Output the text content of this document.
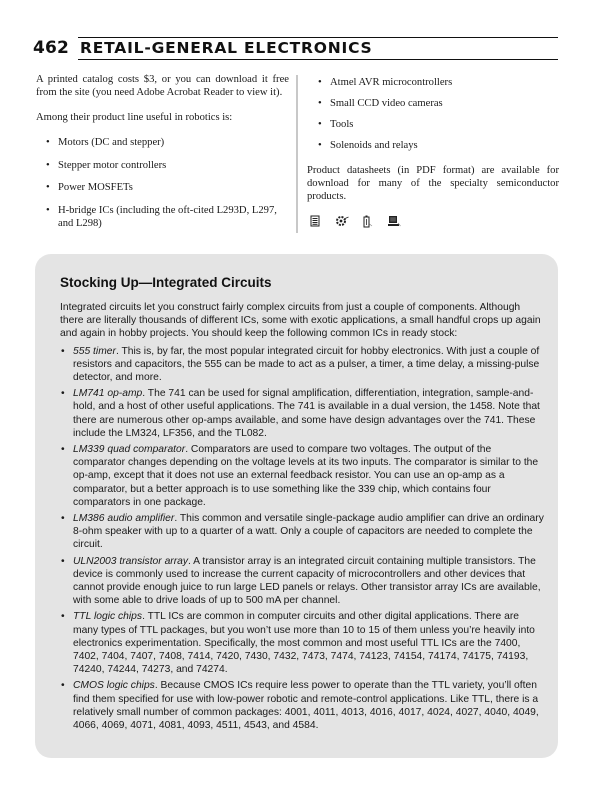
462 RETAIL-GENERAL ELECTRONICS

A printed catalog costs $3, or you can download it free from the site (you need Adobe Acrobat Reader to view it).

Among their product line useful in robotics is:

• Motors (DC and stepper)
• Stepper motor controllers
• Power MOSFETs
• H-bridge ICs (including the oft-cited L293D, L297, and L298)
• Atmel AVR microcontrollers
• Small CCD video cameras
• Tools
• Solenoids and relays

Product datasheets (in PDF format) are available for download for many of the specialty semiconductor products.

Stocking Up—Integrated Circuits

Integrated circuits let you construct fairly complex circuits from just a couple of components. Although there are literally thousands of different ICs, some with exotic applications, a small handful crops up again and again in hobby projects. You should keep the following common ICs in ready stock:

• 555 timer. This is, by far, the most popular integrated circuit for hobby electronics. With just a couple of resistors and capacitors, the 555 can be made to act as a pulser, a timer, a time delay, a missing-pulse detector, and more.
• LM741 op-amp. The 741 can be used for signal amplification, differentiation, integration, sample-and-hold, and a host of other useful applications. The 741 is available in a dual version, the 1458. Note that there are numerous other op-amps available, and some have design advantages over the 741. These include the LM324, LF356, and the TL082.
• LM339 quad comparator. Comparators are used to compare two voltages. The output of the comparator changes depending on the voltage levels at its two inputs. The comparator is similar to the op-amp, except that it does not use an external feedback resistor. You can use an op-amp as a comparator, but a better approach is to use something like the 339 chip, which contains four comparators in one package.
• LM386 audio amplifier. This common and versatile single-package audio amplifier can drive an ordinary 8-ohm speaker with up to a quarter of a watt. Only a couple of capacitors are needed to complete the circuit.
• ULN2003 transistor array. A transistor array is an integrated circuit containing multiple transistors. The device is commonly used to increase the current capacity of microcontrollers and other devices that cannot provide enough juice to run large LED panels or relays. Other transistor array ICs are available, with some able to drive loads of up to 500 mA per channel.
• TTL logic chips. TTL ICs are common in computer circuits and other digital applications. There are many types of TTL packages, but you won’t use more than 10 to 15 of them unless you’re heavily into electronics experimentation. Specifically, the most common and most useful TTL ICs are the 7400, 7402, 7404, 7407, 7408, 7414, 7420, 7430, 7432, 7473, 7474, 74123, 74154, 74174, 74175, 74193, 74240, 74244, 74273, and 74274.
• CMOS logic chips. Because CMOS ICs require less power to operate than the TTL variety, you’ll often find them specified for use with low-power robotic and remote-control applications. Like TTL, there is a relatively small number of common packages: 4001, 4011, 4013, 4016, 4017, 4024, 4027, 4040, 4049, 4066, 4069, 4071, 4081, 4093, 4511, 4543, and 4584.
